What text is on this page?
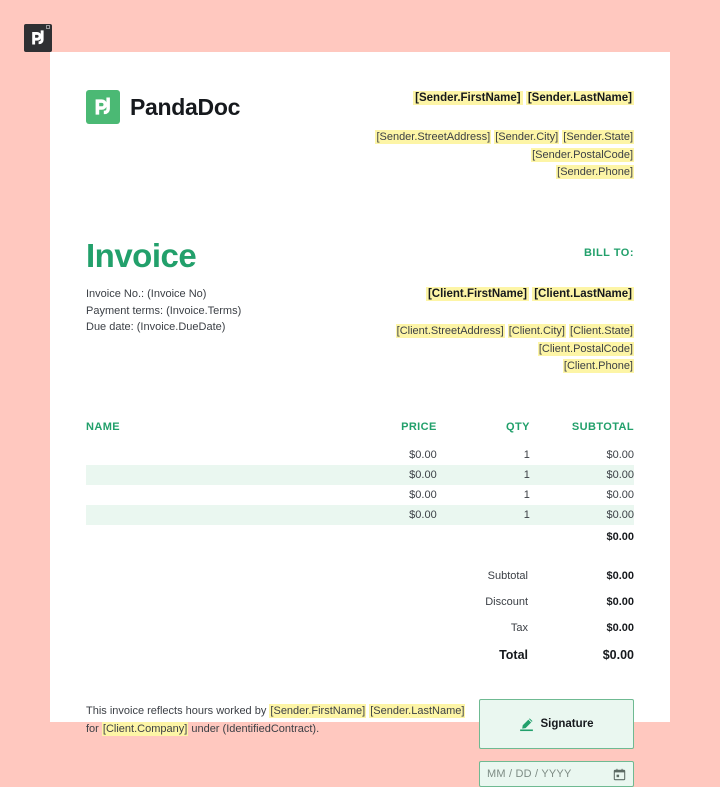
PandaDoc	[Sender.FirstName] [Sender.LastName]
[Sender.StreetAddress] [Sender.City] [Sender.State]
[Sender.PostalCode]
[Sender.Phone]
Invoice	BILL TO:
Invoice No.: (Invoice No)
Payment terms: (Invoice.Terms)
Due date: (Invoice.DueDate)
[Client.FirstName] [Client.LastName]
[Client.StreetAddress] [Client.City] [Client.State]
[Client.PostalCode]
[Client.Phone]
NAME	PRICE	QTY	SUBTOTAL
	$0.00	1	$0.00
	$0.00	1	$0.00
	$0.00	1	$0.00
	$0.00	1	$0.00
			$0.00
Subtotal	$0.00
Discount	$0.00
Tax	$0.00
Total	$0.00
This invoice reflects hours worked by [Sender.FirstName] [Sender.LastName] for [Client.Company] under (IdentifiedContract).	Signature
MM / DD / YYYY
